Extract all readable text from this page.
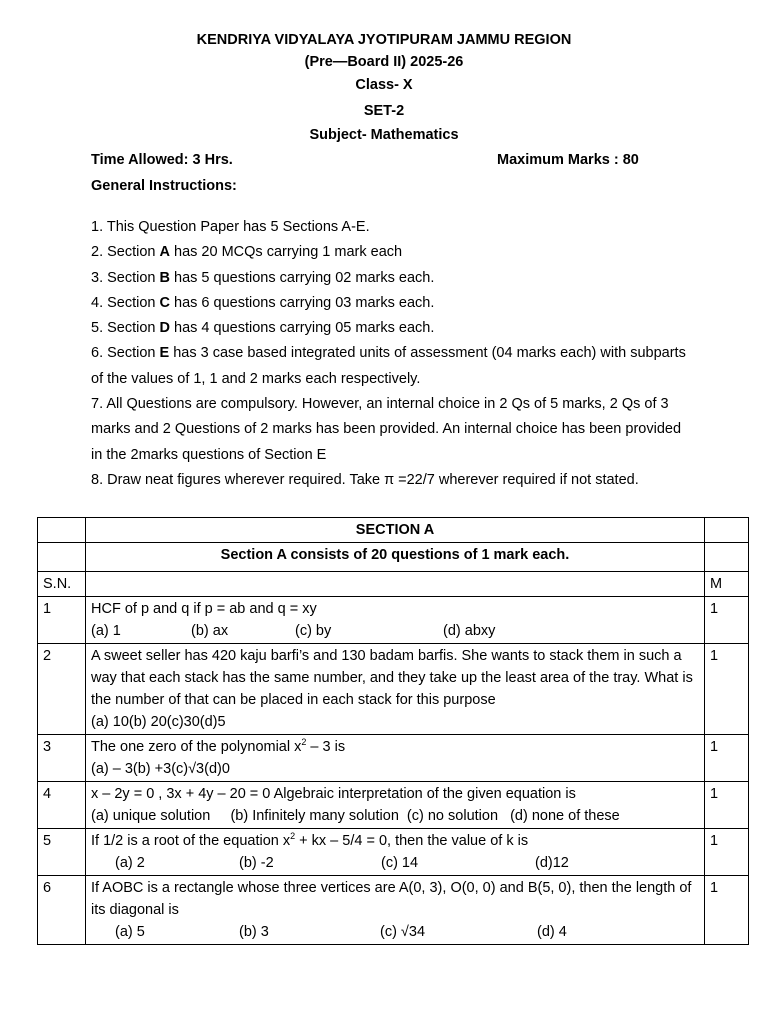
KENDRIYA VIDYALAYA JYOTIPURAM JAMMU REGION
(Pre—Board II) 2025-26
Class- X
SET-2
Subject- Mathematics
Time Allowed: 3 Hrs.	Maximum Marks : 80
General Instructions:
1. This Question Paper has 5 Sections A-E.
2. Section A has 20 MCQs carrying 1 mark each
3. Section B has 5 questions carrying 02 marks each.
4. Section C has 6 questions carrying 03 marks each.
5. Section D has 4 questions carrying 05 marks each.
6. Section E has 3 case based integrated units of assessment (04 marks each) with subparts of the values of 1, 1 and 2 marks each respectively.
7. All Questions are compulsory. However, an internal choice in 2 Qs of 5 marks, 2 Qs of 3 marks and 2 Questions of 2 marks has been provided. An internal choice has been provided in the 2marks questions of Section E
8. Draw neat figures wherever required. Take π =22/7 wherever required if not stated.
	SECTION A	
	Section A consists of 20 questions of 1 mark each.	
S.N.		M
1	HCF of p and q if p = ab and q = xy
(a) 1 (b) ax (c) by (d) abxy	1
2	A sweet seller has 420 kaju barfi’s and 130 badam barfis. She wants to stack them in such a way that each stack has the same number, and they take up the least area of the tray. What is the number of that can be placed in each stack for this purpose
(a) 10(b) 20(c)30(d)5	1
3	The one zero of the polynomial $x^2 - 3$ is
(a) – 3(b) +3(c)√3(d)0	1
4	x – 2y = 0 , 3x + 4y – 20 = 0 Algebraic interpretation of the given equation is
(a) unique solution     (b) Infinitely many solution  (c) no solution   (d) none of these	1
5	If 1/2 is a root of the equation $x^2$ + kx – 5/4 = 0, then the value of k is
(a) 2 (b) -2 (c) 14 (d)12	1
6	If AOBC is a rectangle whose three vertices are A(0, 3), O(0, 0) and B(5, 0), then the length of its diagonal is
(a) 5 (b) 3 (c) √34 (d) 4	1
